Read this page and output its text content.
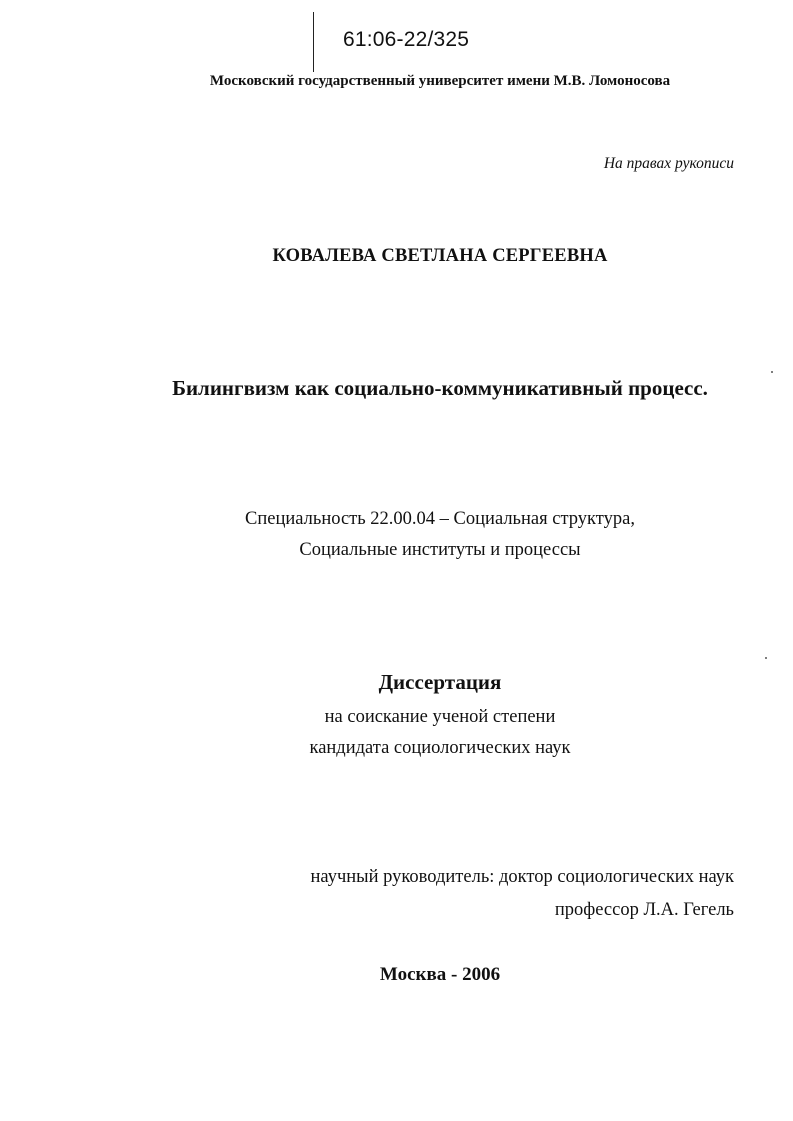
61:06-22/325
Московский государственный университет имени М.В. Ломоносова
На правах рукописи
КОВАЛЕВА СВЕТЛАНА СЕРГЕЕВНА
Билингвизм как социально-коммуникативный процесс.
Специальность 22.00.04 – Социальная структура,
Социальные институты и процессы
Диссертация
на соискание ученой степени
кандидата социологических наук
научный руководитель: доктор социологических наук
профессор Л.А. Гегель
Москва - 2006
